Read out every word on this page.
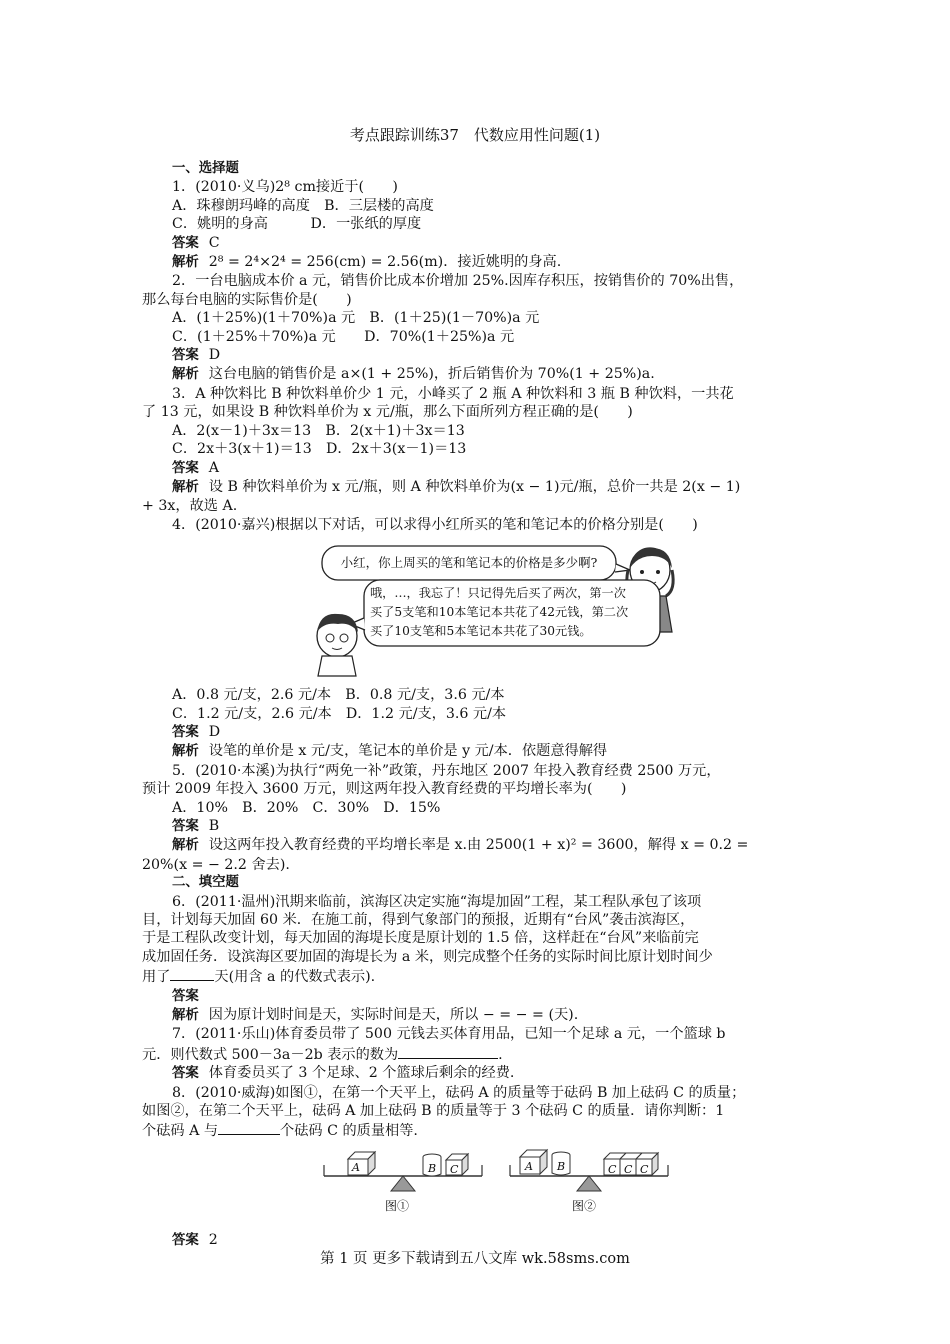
考点跟踪训练37　代数应用性问题(1)
一、选择题
1．(2010·义乌)2⁸ cm接近于(　　)
A．珠穆朗玛峰的高度　B．三层楼的高度
C．姚明的身高　　　D．一张纸的厚度
答案 C
解析 2⁸ = 2⁴×2⁴ = 256(cm) = 2.56(m)．接近姚明的身高.
2．一台电脑成本价 a 元，销售价比成本价增加 25%.因库存积压，按销售价的 70%出售，
那么每台电脑的实际售价是(　　)
A．(1＋25%)(1＋70%)a 元　B．(1＋25)(1－70%)a 元
C．(1＋25%＋70%)a 元　　D．70%(1＋25%)a 元
答案 D
解析 这台电脑的销售价是 a×(1 + 25%)，折后销售价为 70%(1 + 25%)a.
3．A 种饮料比 B 种饮料单价少 1 元，小峰买了 2 瓶 A 种饮料和 3 瓶 B 种饮料，一共花
了 13 元，如果设 B 种饮料单价为 x 元/瓶，那么下面所列方程正确的是(　　)
A．2(x－1)＋3x＝13　B．2(x＋1)＋3x＝13
C．2x＋3(x＋1)＝13　D．2x＋3(x－1)＝13
答案 A
解析 设 B 种饮料单价为 x 元/瓶，则 A 种饮料单价为(x − 1)元/瓶，总价一共是 2(x − 1)
+ 3x，故选 A.
4．(2010·嘉兴)根据以下对话，可以求得小红所买的笔和笔记本的价格分别是(　　)
小红，你上周买的笔和笔记本的价格是多少啊?
哦，…，我忘了！只记得先后买了两次，第一次
买了5支笔和10本笔记本共花了42元钱，第二次
买了10支笔和5本笔记本共花了30元钱。
A．0.8 元/支，2.6 元/本　B．0.8 元/支，3.6 元/本
C．1.2 元/支，2.6 元/本　D．1.2 元/支，3.6 元/本
答案 D
解析 设笔的单价是 x 元/支，笔记本的单价是 y 元/本．依题意得解得
5．(2010·本溪)为执行“两免一补”政策，丹东地区 2007 年投入教育经费 2500 万元，
预计 2009 年投入 3600 万元，则这两年投入教育经费的平均增长率为(　　)
A．10%　B．20%　C．30%　D．15%
答案 B
解析 设这两年投入教育经费的平均增长率是 x.由 2500(1 + x)² = 3600，解得 x = 0.2 =
20%(x = − 2.2 舍去).
二、填空题
6．(2011·温州)汛期来临前，滨海区决定实施“海堤加固”工程，某工程队承包了该项
目，计划每天加固 60 米．在施工前，得到气象部门的预报，近期有“台风”袭击滨海区，
于是工程队改变计划，每天加固的海堤长度是原计划的 1.5 倍，这样赶在“台风”来临前完
成加固任务．设滨海区要加固的海堤长为 a 米，则完成整个任务的实际时间比原计划时间少
用了	天(用含 a 的代数式表示).
答案
解析 因为原计划时间是天，实际时间是天，所以 − = − = (天).
7．(2011·乐山)体育委员带了 500 元钱去买体育用品，已知一个足球 a 元，一个篮球 b
元．则代数式 500－3a－2b 表示的数为	.
答案 体育委员买了 3 个足球、2 个篮球后剩余的经费.
8．(2010·威海)如图①，在第一个天平上，砝码 A 的质量等于砝码 B 加上砝码 C 的质量；
如图②，在第二个天平上，砝码 A 加上砝码 B 的质量等于 3 个砝码 C 的质量．请你判断：1
个砝码 A 与	个砝码 C 的质量相等.
A	B C	A B	C C C
图①	图②
答案 2
第 1 页 更多下载请到五八文库 wk.58sms.com
